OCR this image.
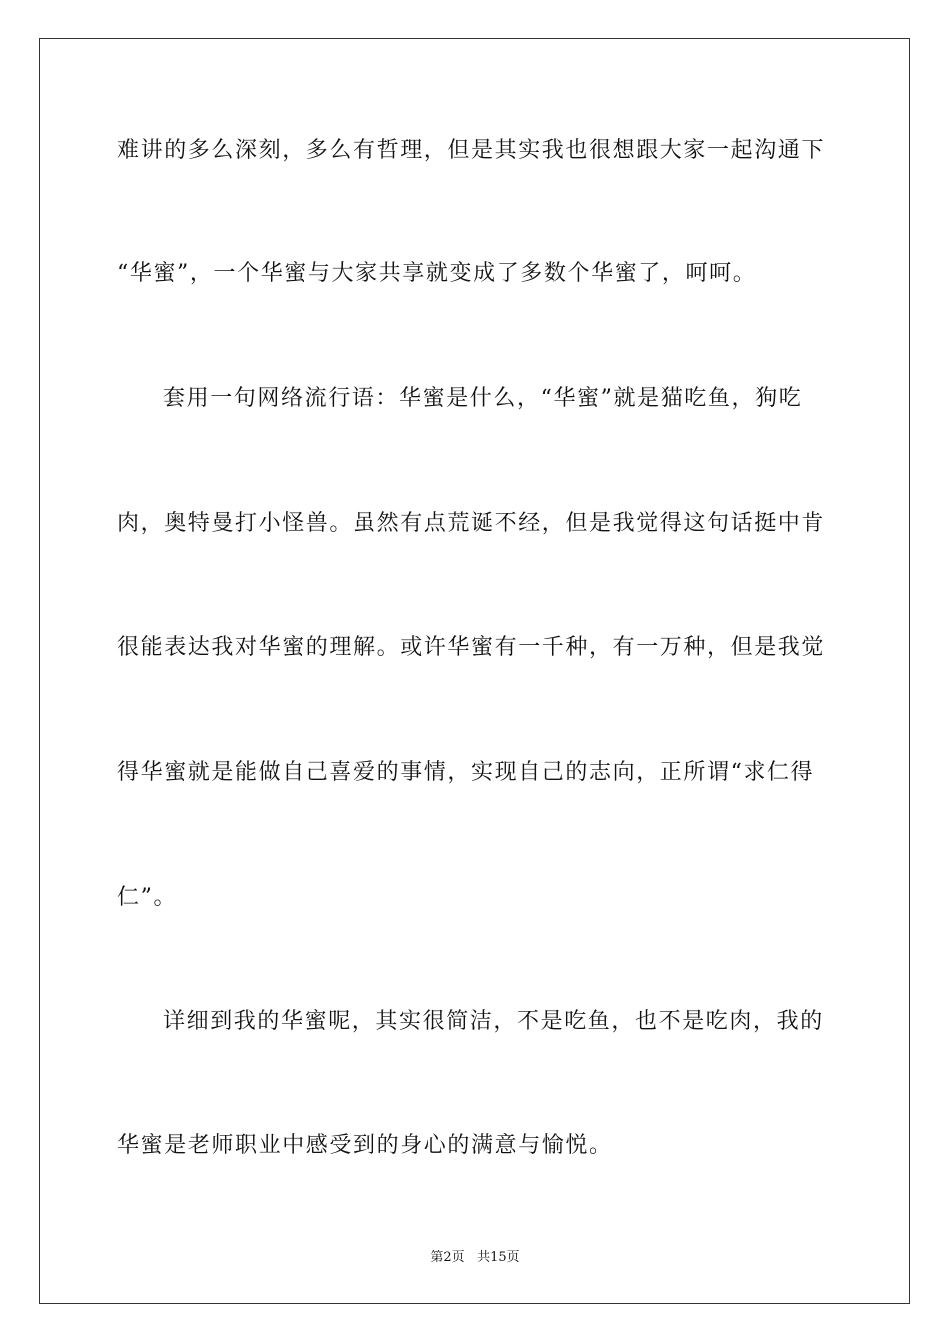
难讲的多么深刻，多么有哲理，但是其实我也很想跟大家一起沟通下
“华蜜”，一个华蜜与大家共享就变成了多数个华蜜了，呵呵。
套用一句网络流行语：华蜜是什么，“华蜜”就是猫吃鱼，狗吃
肉，奥特曼打小怪兽。虽然有点荒诞不经，但是我觉得这句话挺中肯
很能表达我对华蜜的理解。或许华蜜有一千种，有一万种，但是我觉
得华蜜就是能做自己喜爱的事情，实现自己的志向，正所谓“求仁得
仁”。
详细到我的华蜜呢，其实很简洁，不是吃鱼，也不是吃肉，我的
华蜜是老师职业中感受到的身心的满意与愉悦。
第2页 共15页
